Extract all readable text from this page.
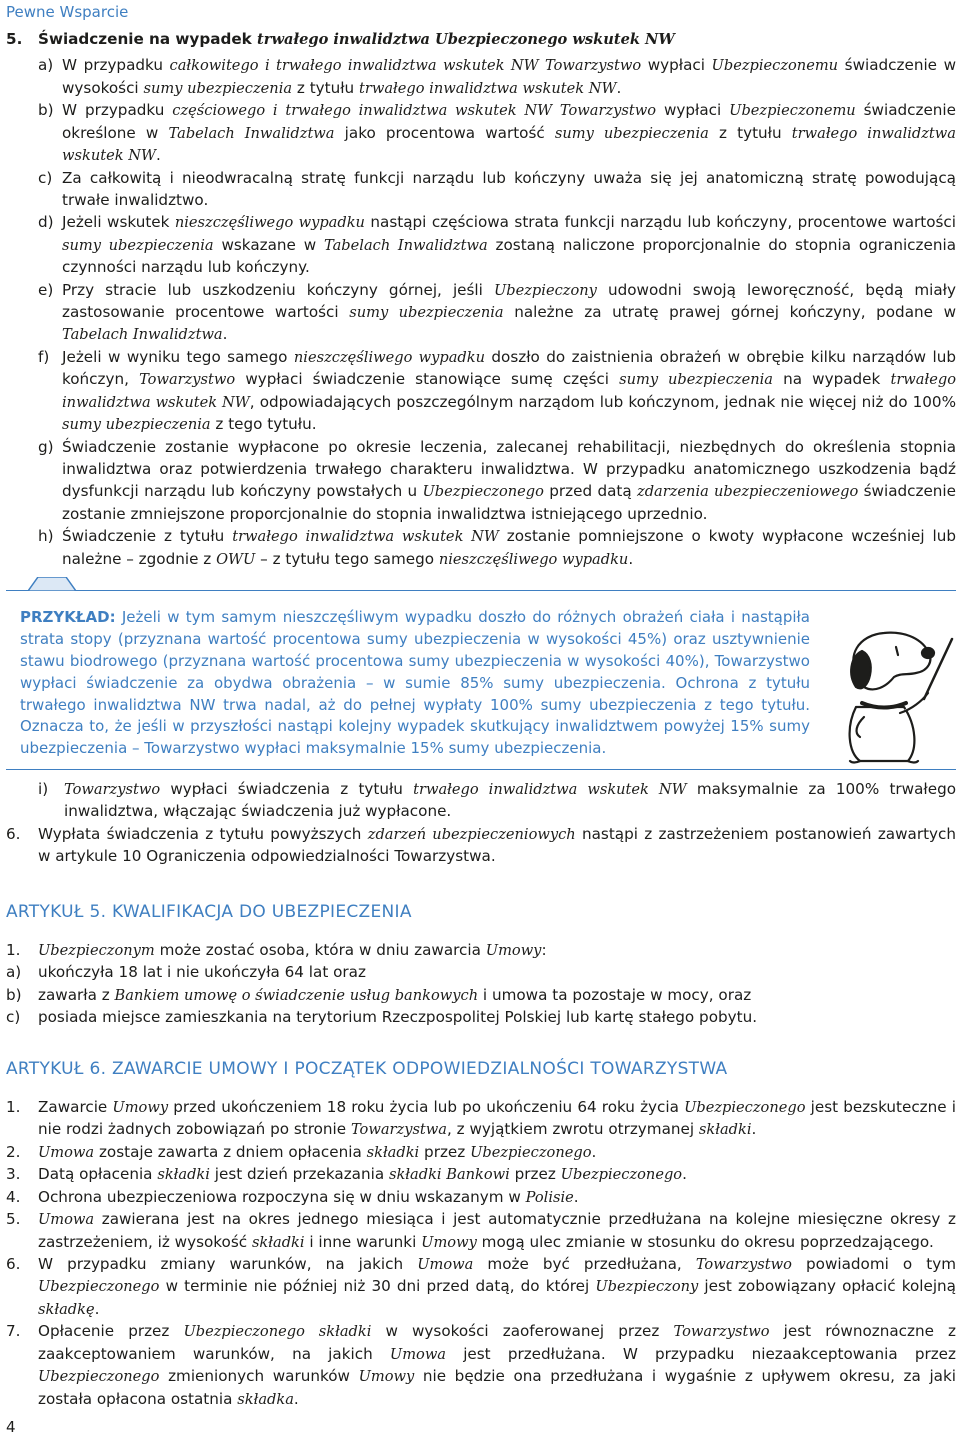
Pewne Wsparcie
5.	Świadczenie na wypadek trwałego inwalidztwa Ubezpieczonego wskutek NW
a) W przypadku całkowitego i trwałego inwalidztwa wskutek NW Towarzystwo wypłaci Ubezpieczonemu świadczenie w wysokości sumy ubezpieczenia z tytułu trwałego inwalidztwa wskutek NW.
b) W przypadku częściowego i trwałego inwalidztwa wskutek NW Towarzystwo wypłaci Ubezpieczonemu świadczenie określone w Tabelach Inwalidztwa jako procentowa wartość sumy ubezpieczenia z tytułu trwałego inwalidztwa wskutek NW.
c) Za całkowitą i nieodwracalną stratę funkcji narządu lub kończyny uważa się jej anatomiczną stratę powodującą trwałe inwalidztwo.
d) Jeżeli wskutek nieszczęśliwego wypadku nastąpi częściowa strata funkcji narządu lub kończyny, procentowe wartości sumy ubezpieczenia wskazane w Tabelach Inwalidztwa zostaną naliczone proporcjonalnie do stopnia ograniczenia czynności narządu lub kończyny.
e) Przy stracie lub uszkodzeniu kończyny górnej, jeśli Ubezpieczony udowodni swoją leworęczność, będą miały zastosowanie procentowe wartości sumy ubezpieczenia należne za utratę prawej górnej kończyny, podane w Tabelach Inwalidztwa.
f) Jeżeli w wyniku tego samego nieszczęśliwego wypadku doszło do zaistnienia obrażeń w obrębie kilku narządów lub kończyn, Towarzystwo wypłaci świadczenie stanowiące sumę części sumy ubezpieczenia na wypadek trwałego inwalidztwa wskutek NW, odpowiadających poszczególnym narządom lub kończynom, jednak nie więcej niż do 100% sumy ubezpieczenia z tego tytułu.
g) Świadczenie zostanie wypłacone po okresie leczenia, zalecanej rehabilitacji, niezbędnych do określenia stopnia inwalidztwa oraz potwierdzenia trwałego charakteru inwalidztwa. W przypadku anatomicznego uszkodzenia bądź dysfunkcji narządu lub kończyny powstałych u Ubezpieczonego przed datą zdarzenia ubezpieczeniowego świadczenie zostanie zmniejszone proporcjonalnie do stopnia inwalidztwa istniejącego uprzednio.
h) Świadczenie z tytułu trwałego inwalidztwa wskutek NW zostanie pomniejszone o kwoty wypłacone wcześniej lub należne – zgodnie z OWU – z tytułu tego samego nieszczęśliwego wypadku.
PRZYKŁAD: Jeżeli w tym samym nieszczęśliwym wypadku doszło do różnych obrażeń ciała i nastąpiła strata stopy (przyznana wartość procentowa sumy ubezpieczenia w wysokości 45%) oraz usztywnienie stawu biodrowego (przyznana wartość procentowa sumy ubezpieczenia w wysokości 40%), Towarzystwo wypłaci świadczenie za obydwa obrażenia – w sumie 85% sumy ubezpieczenia. Ochrona z tytułu trwałego inwalidztwa NW trwa nadal, aż do pełnej wypłaty 100% sumy ubezpieczenia z tego tytułu. Oznacza to, że jeśli w przyszłości nastąpi kolejny wypadek skutkujący inwalidztwem powyżej 15% sumy ubezpieczenia – Towarzystwo wypłaci maksymalnie 15% sumy ubezpieczenia.
i)	Towarzystwo wypłaci świadczenia z tytułu trwałego inwalidztwa wskutek NW maksymalnie za 100% trwałego inwalidztwa, włączając świadczenia już wypłacone.
6.	Wypłata świadczenia z tytułu powyższych zdarzeń ubezpieczeniowych nastąpi z zastrzeżeniem postanowień zawartych w artykule 10 Ograniczenia odpowiedzialności Towarzystwa.
ARTYKUŁ 5. KWALIFIKACJA DO UBEZPIECZENIA
1.	Ubezpieczonym może zostać osoba, która w dniu zawarcia Umowy:
a)	ukończyła 18 lat i nie ukończyła 64 lat oraz
b)	zawarła z Bankiem umowę o świadczenie usług bankowych i umowa ta pozostaje w mocy, oraz
c)	posiada miejsce zamieszkania na terytorium Rzeczpospolitej Polskiej lub kartę stałego pobytu.
ARTYKUŁ 6. ZAWARCIE UMOWY I POCZĄTEK ODPOWIEDZIALNOŚCI TOWARZYSTWA
1.	Zawarcie Umowy przed ukończeniem 18 roku życia lub po ukończeniu 64 roku życia Ubezpieczonego jest bezskuteczne i nie rodzi żadnych zobowiązań po stronie Towarzystwa, z wyjątkiem zwrotu otrzymanej składki.
2.	Umowa zostaje zawarta z dniem opłacenia składki przez Ubezpieczonego.
3.	Datą opłacenia składki jest dzień przekazania składki Bankowi przez Ubezpieczonego.
4.	Ochrona ubezpieczeniowa rozpoczyna się w dniu wskazanym w Polisie.
5.	Umowa zawierana jest na okres jednego miesiąca i jest automatycznie przedłużana na kolejne miesięczne okresy z zastrzeżeniem, iż wysokość składki i inne warunki Umowy mogą ulec zmianie w stosunku do okresu poprzedzającego.
6.	W przypadku zmiany warunków, na jakich Umowa może być przedłużana, Towarzystwo powiadomi o tym Ubezpieczonego w terminie nie później niż 30 dni przed datą, do której Ubezpieczony jest zobowiązany opłacić kolejną składkę.
7.	Opłacenie przez Ubezpieczonego składki w wysokości zaoferowanej przez Towarzystwo jest równoznaczne z zaakceptowaniem warunków, na jakich Umowa jest przedłużana. W przypadku niezaakceptowania przez Ubezpieczonego zmienionych warunków Umowy nie będzie ona przedłużana i wygaśnie z upływem okresu, za jaki została opłacona ostatnia składka.
4
